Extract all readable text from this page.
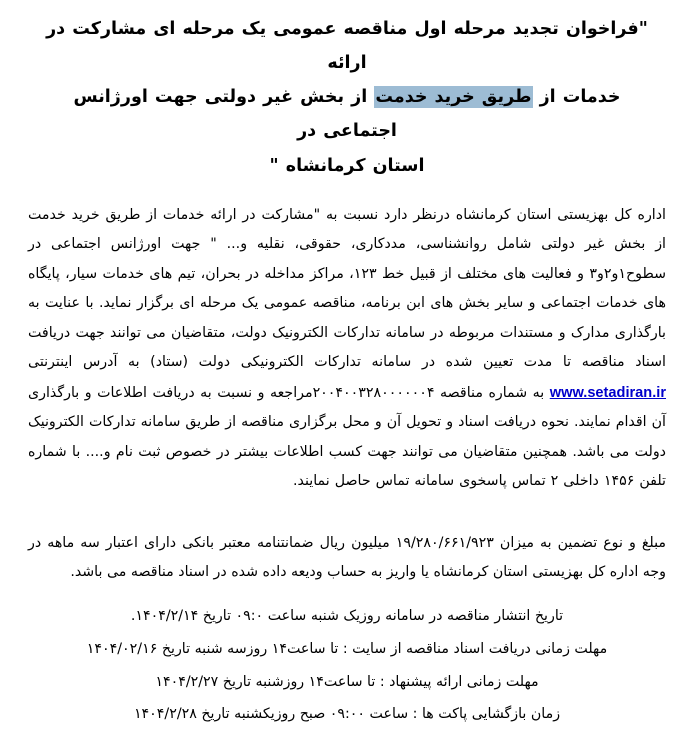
"فراخوان تجدید مرحله اول مناقصه عمومی یک مرحله ای مشارکت در ارائه
خدمات از طریق خرید خدمت از بخش غیر دولتی جهت اورژانس اجتماعی در
استان کرمانشاه "

اداره کل بهزیستی استان کرمانشاه درنظر دارد نسبت به "مشارکت در ارائه خدمات از طریق خرید خدمت از بخش غیر دولتی شامل روانشناسی، مددکاری، حقوقی، نقلیه و... " جهت اورژانس اجتماعی در سطوح۱و۲و۳ و فعالیت های مختلف از قبیل خط ۱۲۳، مراکز مداخله در بحران، تیم های خدمات سیار، پایگاه های خدمات اجتماعی و سایر بخش های ابن برنامه، مناقصه عمومی یک مرحله ای برگزار نماید. با عنایت به بارگذاری مدارک و مستندات مربوطه در سامانه تدارکات الکترونیک دولت، متقاضیان می توانند جهت دریافت اسناد مناقصه تا مدت تعیین شده در سامانه تدارکات الکترونیکی دولت (ستاد) به آدرس اینترنتی www.setadiran.ir به شماره مناقصه ۲۰۰۴۰۰۳۲۸۰۰۰۰۰۰۴مراجعه و نسبت به دریافت اطلاعات و بارگذاری آن اقدام نمایند. نحوه دریافت اسناد و تحویل آن و محل برگزاری مناقصه از طریق سامانه تدارکات الکترونیک دولت می باشد. همچنین متقاضیان می توانند جهت کسب اطلاعات بیشتر در خصوص ثبت نام و.... با شماره تلفن ۱۴۵۶ داخلی ۲ تماس پاسخوی سامانه تماس حاصل نمایند.

مبلغ و نوع تضمین به میزان ۱۹/۲۸۰/۶۶۱/۹۲۳ میلیون ریال ضمانتنامه معتبر بانکی دارای اعتبار سه ماهه در وجه اداره کل بهزیستی استان کرمانشاه یا واریز به حساب ودیعه داده شده در اسناد مناقصه می باشد.

تاریخ انتشار مناقصه در سامانه روزیک شنبه ساعت ۰۹:۰ تاریخ ۱۴۰۴/۲/۱۴.

مهلت زمانی دریافت اسناد مناقصه از سایت : تا ساعت۱۴ روزسه شنبه تاریخ ۱۴۰۴/۰۲/۱۶

مهلت زمانی ارائه پیشنهاد : تا ساعت۱۴ روزشنبه تاریخ ۱۴۰۴/۲/۲۷

زمان بازگشایی پاکت ها : ساعت ۰۹:۰۰ صبح روزیکشنبه تاریخ ۱۴۰۴/۲/۲۸
